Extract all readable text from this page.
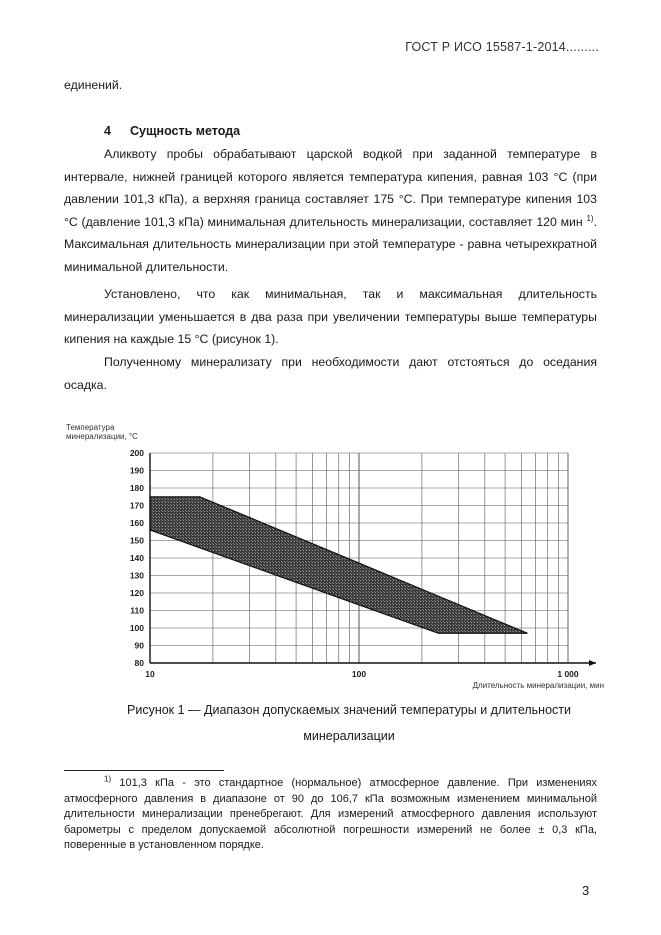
ГОСТ Р ИСО 15587-1-2014.........
единений.
4 Сущность метода
Аликвоту пробы обрабатывают царской водкой при заданной температуре в интервале, нижней границей которого является температура кипения, равная 103 °C (при давлении 101,3 кПа), а верхняя граница составляет 175 °C. При температуре кипения 103 °C (давление 101,3 кПа) минимальная длительность минерализации, составляет 120 мин $^{1)}$. Максимальная длительность минерализации при этой температуре - равна четырехкратной минимальной длительности.
Установлено, что как минимальная, так и максимальная длительность минерализации уменьшается в два раза при увеличении температуры выше температуры кипения на каждые 15 °C (рисунок 1).
Полученному минерализату при необходимости дают отстояться до оседания осадка.
Температура
минерализации, °C
80
90
100
110
120
130
140
150
160
170
180
190
200
10	100	1 000
Длительность минерализации, мин
Рисунок 1 — Диапазон допускаемых значений температуры и длительности
минерализации
$^{1)}$ 101,3 кПа - это стандартное (нормальное) атмосферное давление. При изменениях атмосферного давления в диапазоне от 90 до 106,7 кПа возможным изменением минимальной длительности минерализации пренебрегают. Для измерений атмосферного давления используют барометры с пределом допускаемой абсолютной погрешности измерений не более ± 0,3 кПа, поверенные в установленном порядке.
3
